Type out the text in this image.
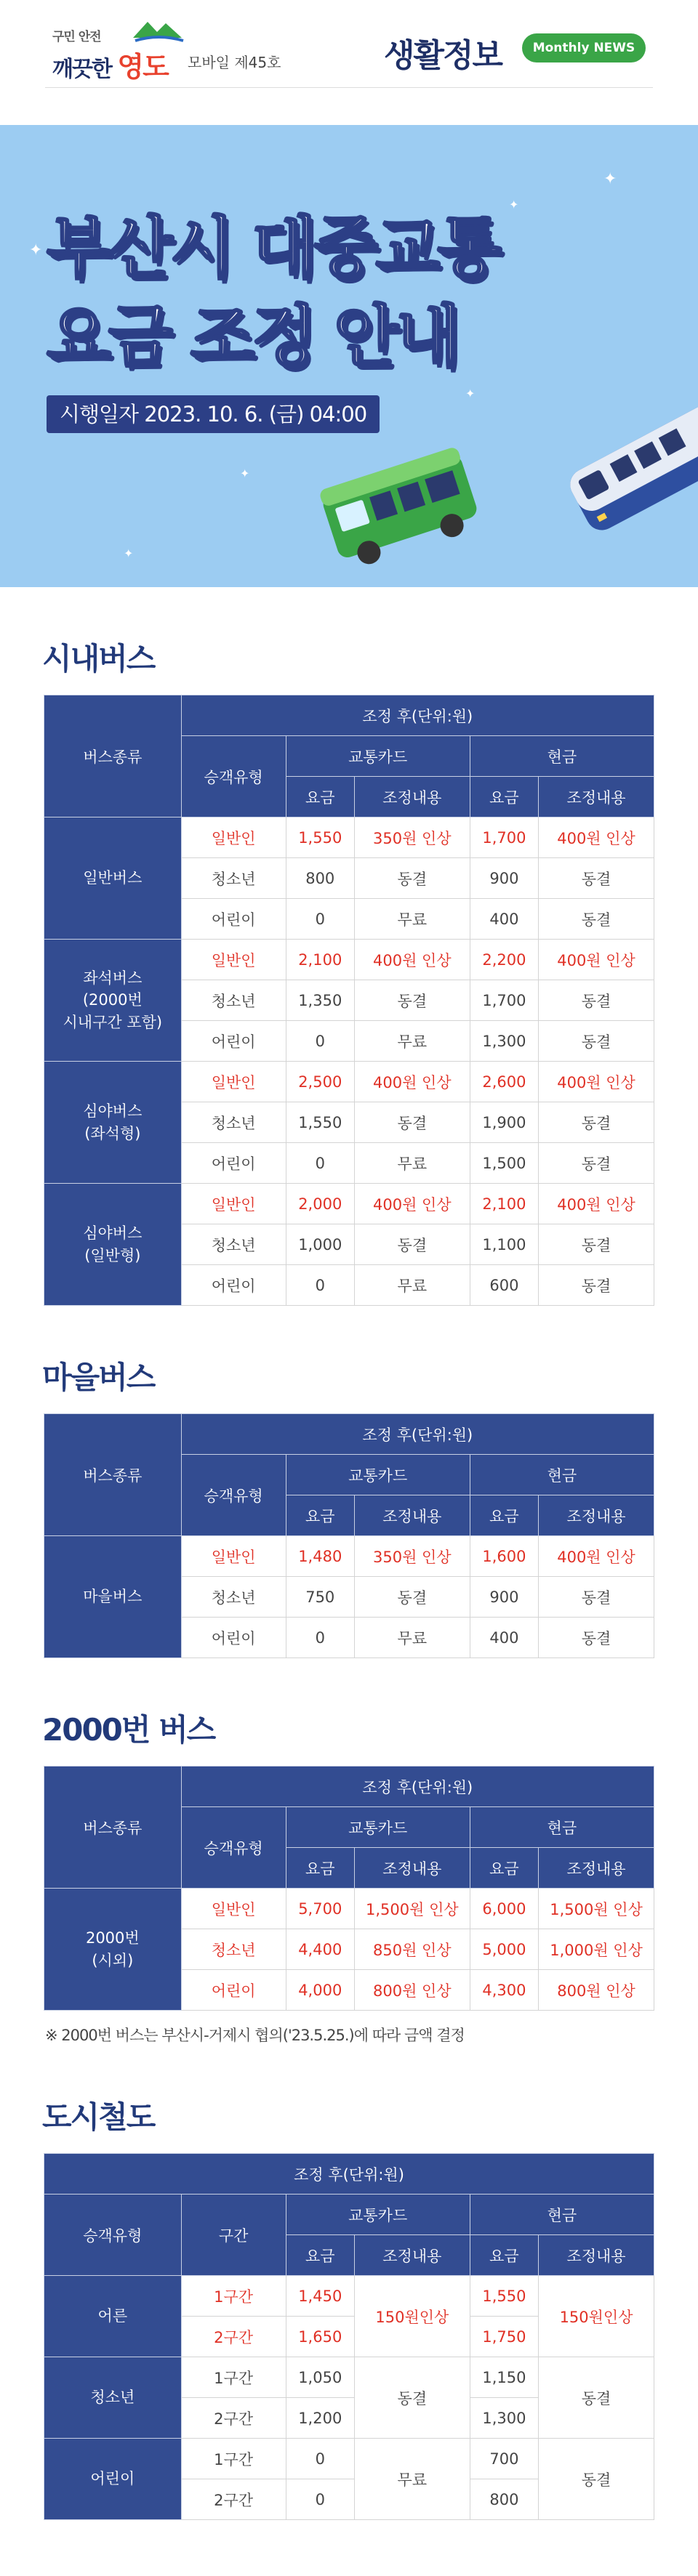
구민 안전
깨끗한 영도 모바일 제45호	생활정보	Monthly NEWS
✦
✦
✦
✦
✦
✦
부산시 대중교통
요금 조정 안내
시행일자 2023. 10. 6. (금) 04:00
시내버스
버스종류	조정 후(단위:원)				
	승객유형	교통카드		현금	
		요금	조정내용	요금	조정내용
일반버스	일반인	1,550	350원 인상	1,700	400원 인상
	청소년	800	동결	900	동결
	어린이	0	무료	400	동결
좌석버스
(2000번
시내구간 포함)	일반인	2,100	400원 인상	2,200	400원 인상
	청소년	1,350	동결	1,700	동결
	어린이	0	무료	1,300	동결
심야버스
(좌석형)	일반인	2,500	400원 인상	2,600	400원 인상
	청소년	1,550	동결	1,900	동결
	어린이	0	무료	1,500	동결
심야버스
(일반형)	일반인	2,000	400원 인상	2,100	400원 인상
	청소년	1,000	동결	1,100	동결
	어린이	0	무료	600	동결
마을버스
버스종류	조정 후(단위:원)				
	승객유형	교통카드		현금	
		요금	조정내용	요금	조정내용
마을버스	일반인	1,480	350원 인상	1,600	400원 인상
	청소년	750	동결	900	동결
	어린이	0	무료	400	동결
2000번 버스
버스종류	조정 후(단위:원)				
	승객유형	교통카드		현금	
		요금	조정내용	요금	조정내용
2000번
(시외)	일반인	5,700	1,500원 인상	6,000	1,500원 인상
	청소년	4,400	850원 인상	5,000	1,000원 인상
	어린이	4,000	800원 인상	4,300	800원 인상
※ 2000번 버스는 부산시-거제시 협의('23.5.25.)에 따라 금액 결정
도시철도
조정 후(단위:원)					
승객유형	구간	교통카드		현금	
		요금	조정내용	요금	조정내용
어른	1구간	1,450	150원인상	1,550	150원인상
	2구간	1,650		1,750	
청소년	1구간	1,050	동결	1,150	동결
	2구간	1,200		1,300	
어린이	1구간	0	무료	700	동결
	2구간	0		800	
